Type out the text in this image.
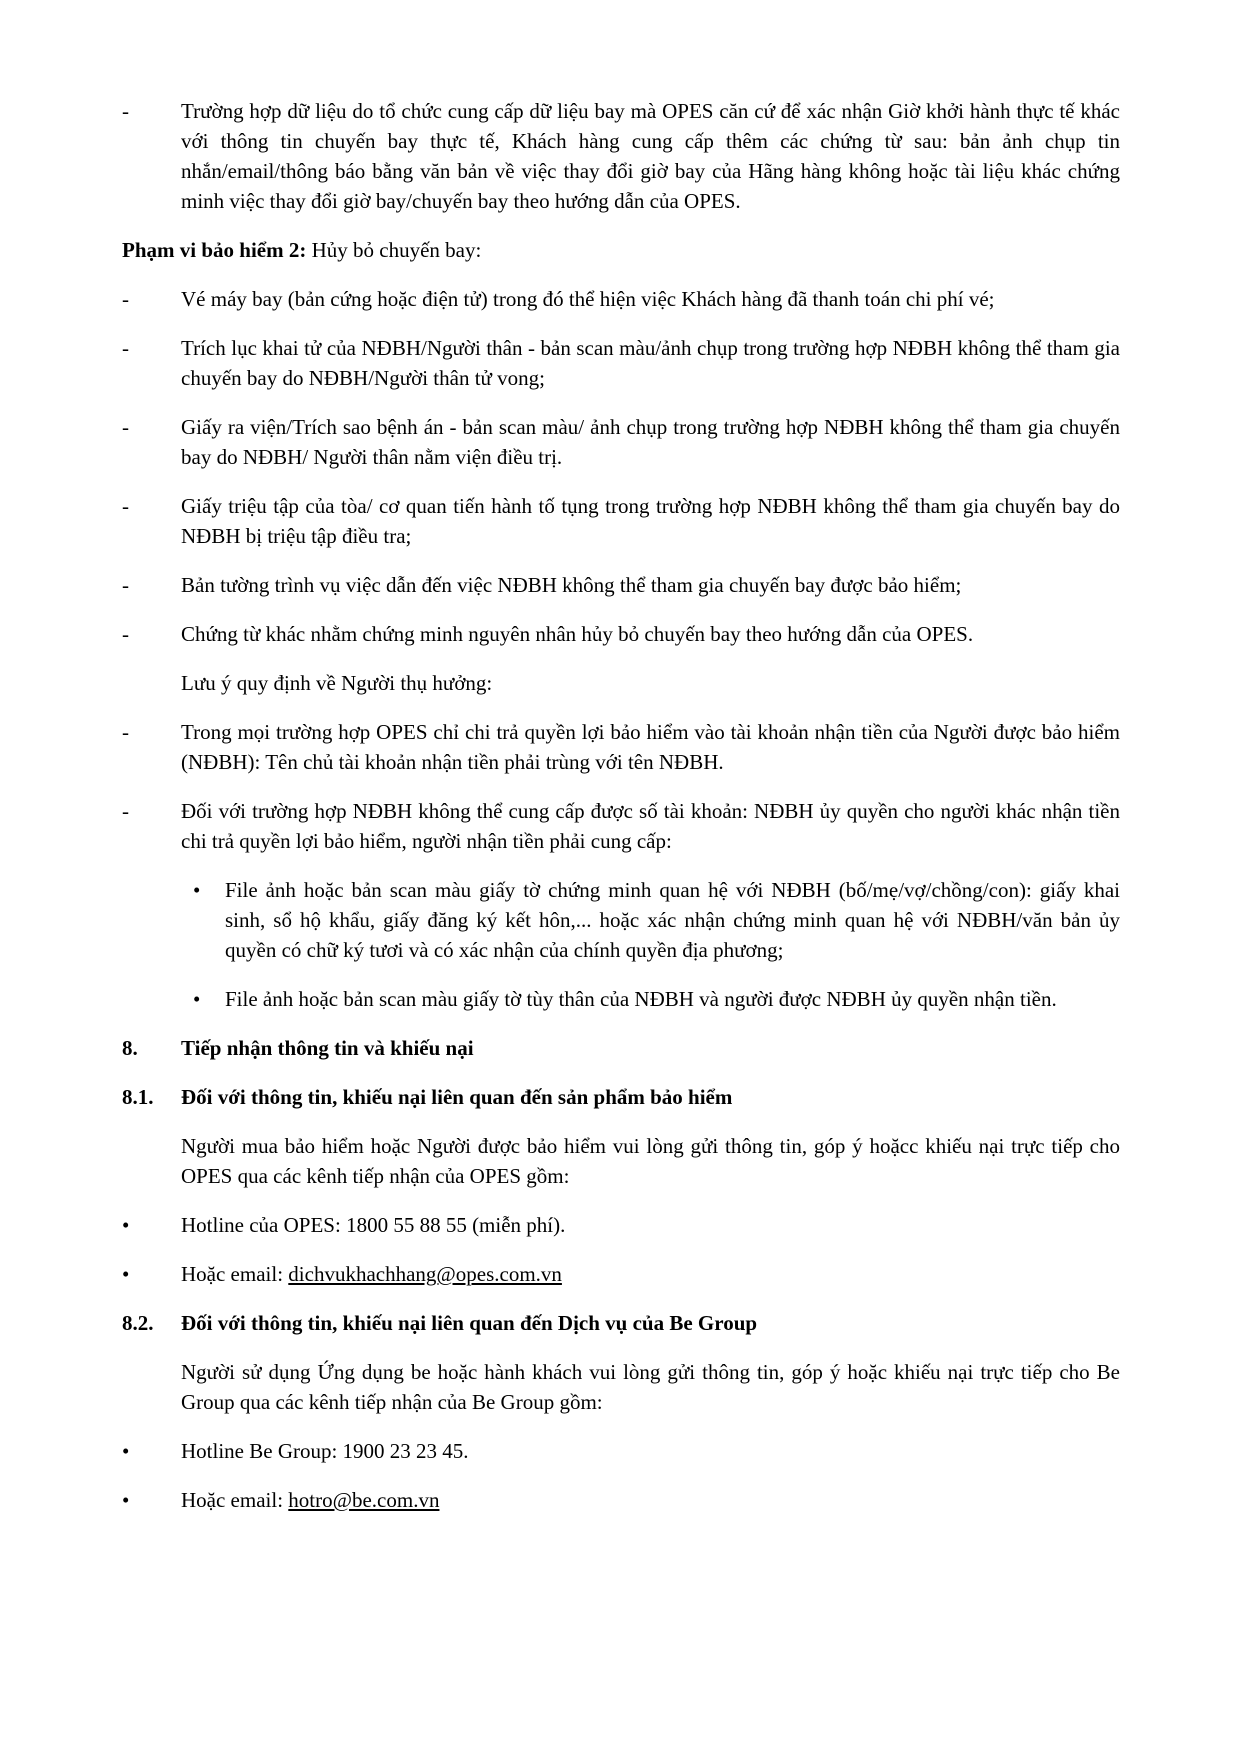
- Trường hợp dữ liệu do tổ chức cung cấp dữ liệu bay mà OPES căn cứ để xác nhận Giờ khởi hành thực tế khác với thông tin chuyến bay thực tế, Khách hàng cung cấp thêm các chứng từ sau: bản ảnh chụp tin nhắn/email/thông báo bằng văn bản về việc thay đổi giờ bay của Hãng hàng không hoặc tài liệu khác chứng minh việc thay đổi giờ bay/chuyến bay theo hướng dẫn của OPES.
Phạm vi bảo hiểm 2: Hủy bỏ chuyến bay:
- Vé máy bay (bản cứng hoặc điện tử) trong đó thể hiện việc Khách hàng đã thanh toán chi phí vé;
- Trích lục khai tử của NĐBH/Người thân - bản scan màu/ảnh chụp trong trường hợp NĐBH không thể tham gia chuyến bay do NĐBH/Người thân tử vong;
- Giấy ra viện/Trích sao bệnh án - bản scan màu/ ảnh chụp trong trường hợp NĐBH không thể tham gia chuyến bay do NĐBH/ Người thân nằm viện điều trị.
- Giấy triệu tập của tòa/ cơ quan tiến hành tố tụng trong trường hợp NĐBH không thể tham gia chuyến bay do NĐBH bị triệu tập điều tra;
- Bản tường trình vụ việc dẫn đến việc NĐBH không thể tham gia chuyến bay được bảo hiểm;
- Chứng từ khác nhằm chứng minh nguyên nhân hủy bỏ chuyến bay theo hướng dẫn của OPES.
Lưu ý quy định về Người thụ hưởng:
- Trong mọi trường hợp OPES chỉ chi trả quyền lợi bảo hiểm vào tài khoản nhận tiền của Người được bảo hiểm (NĐBH): Tên chủ tài khoản nhận tiền phải trùng với tên NĐBH.
- Đối với trường hợp NĐBH không thể cung cấp được số tài khoản: NĐBH ủy quyền cho người khác nhận tiền chi trả quyền lợi bảo hiểm, người nhận tiền phải cung cấp:
• File ảnh hoặc bản scan màu giấy tờ chứng minh quan hệ với NĐBH (bố/mẹ/vợ/chồng/con): giấy khai sinh, sổ hộ khẩu, giấy đăng ký kết hôn,... hoặc xác nhận chứng minh quan hệ với NĐBH/văn bản ủy quyền có chữ ký tươi và có xác nhận của chính quyền địa phương;
• File ảnh hoặc bản scan màu giấy tờ tùy thân của NĐBH và người được NĐBH ủy quyền nhận tiền.
8. Tiếp nhận thông tin và khiếu nại
8.1. Đối với thông tin, khiếu nại liên quan đến sản phẩm bảo hiểm
Người mua bảo hiểm hoặc Người được bảo hiểm vui lòng gửi thông tin, góp ý hoặcc khiếu nại trực tiếp cho OPES qua các kênh tiếp nhận của OPES gồm:
• Hotline của OPES: 1800 55 88 55 (miễn phí).
• Hoặc email: dichvukhachhang@opes.com.vn
8.2. Đối với thông tin, khiếu nại liên quan đến Dịch vụ của Be Group
Người sử dụng Ứng dụng be hoặc hành khách vui lòng gửi thông tin, góp ý hoặc khiếu nại trực tiếp cho Be Group qua các kênh tiếp nhận của Be Group gồm:
• Hotline Be Group: 1900 23 23 45.
• Hoặc email: hotro@be.com.vn
